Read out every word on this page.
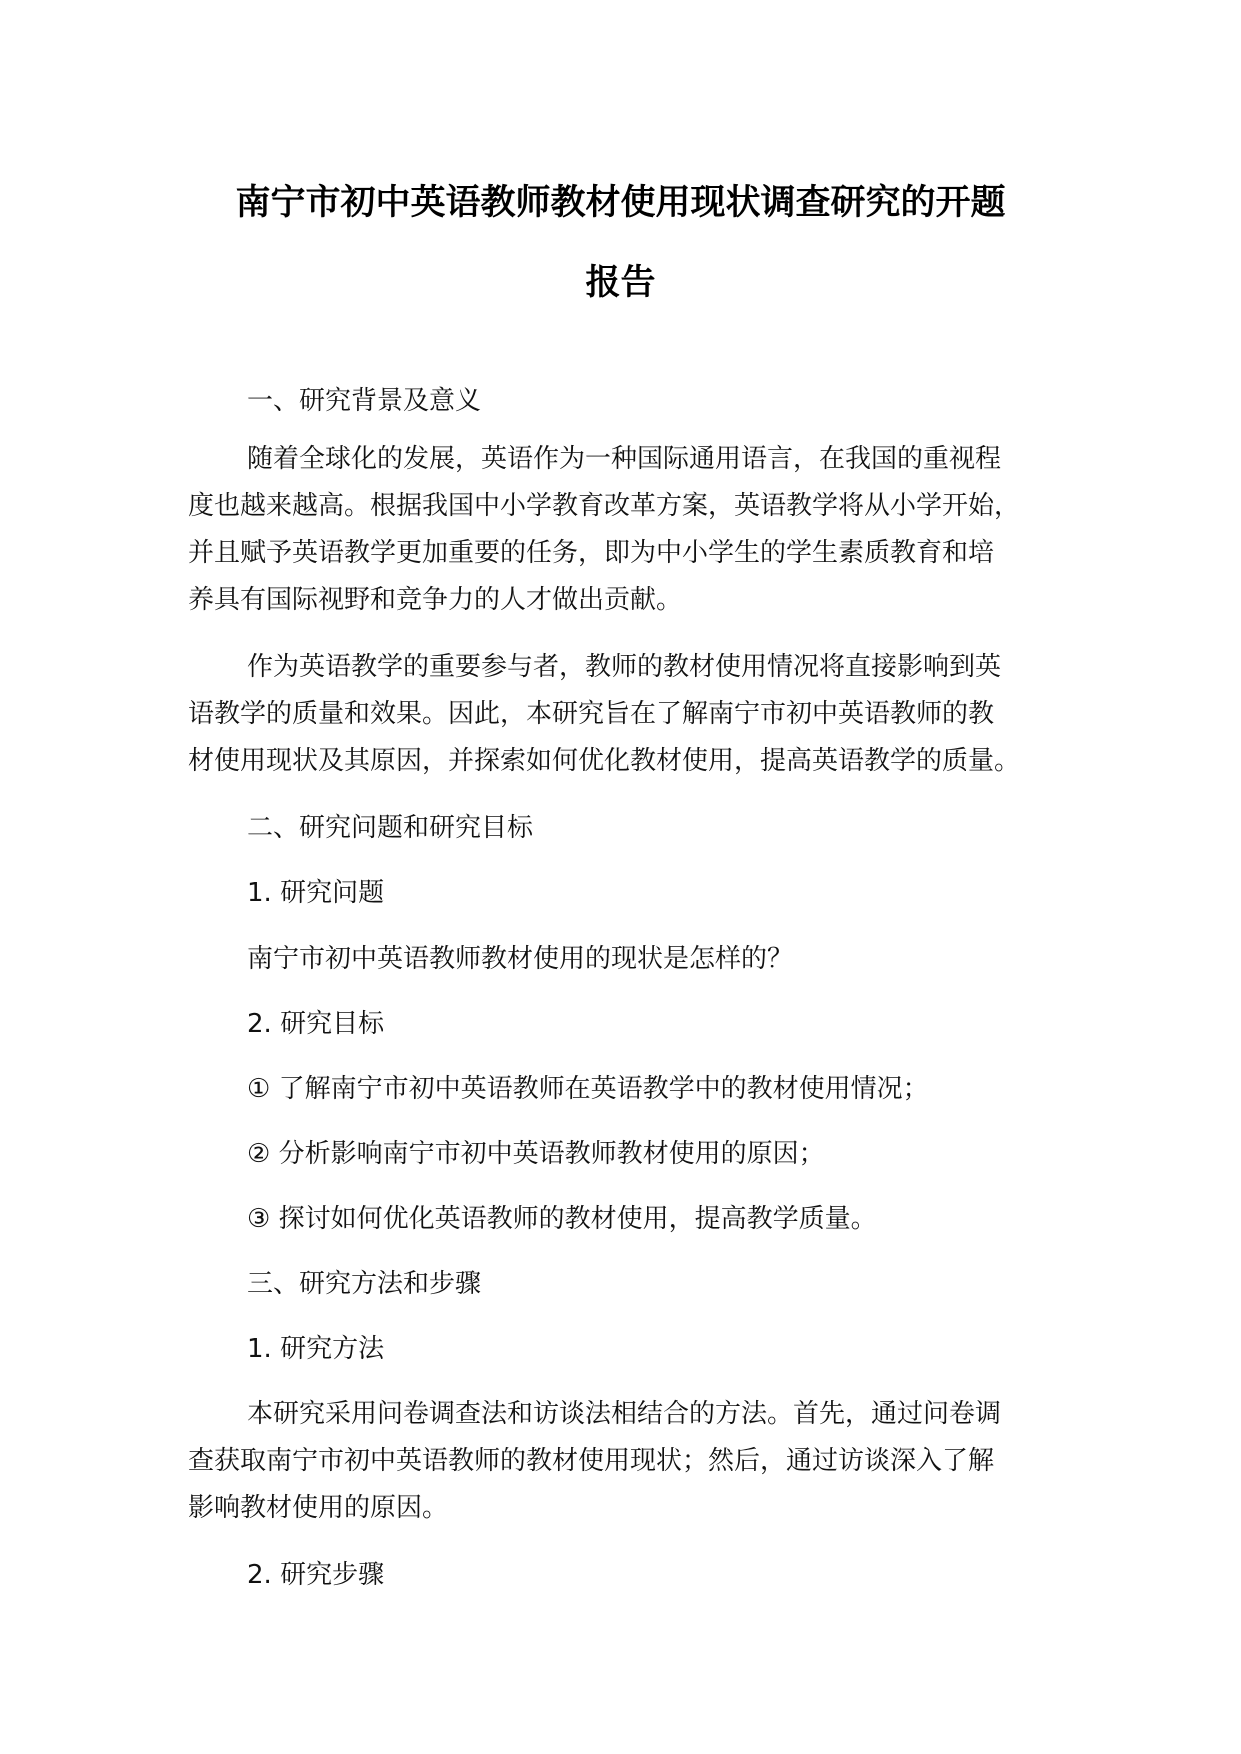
南宁市初中英语教师教材使用现状调查研究的开题
报告

一、研究背景及意义

随着全球化的发展，英语作为一种国际通用语言，在我国的重视程

度也越来越高。根据我国中小学教育改革方案，英语教学将从小学开始，

并且赋予英语教学更加重要的任务，即为中小学生的学生素质教育和培

养具有国际视野和竞争力的人才做出贡献。

作为英语教学的重要参与者，教师的教材使用情况将直接影响到英

语教学的质量和效果。因此，本研究旨在了解南宁市初中英语教师的教

材使用现状及其原因，并探索如何优化教材使用，提高英语教学的质量。

二、研究问题和研究目标

1. 研究问题

南宁市初中英语教师教材使用的现状是怎样的？

2. 研究目标

① 了解南宁市初中英语教师在英语教学中的教材使用情况；

② 分析影响南宁市初中英语教师教材使用的原因；

③ 探讨如何优化英语教师的教材使用，提高教学质量。

三、研究方法和步骤

1. 研究方法

本研究采用问卷调查法和访谈法相结合的方法。首先，通过问卷调

查获取南宁市初中英语教师的教材使用现状；然后，通过访谈深入了解

影响教材使用的原因。

2. 研究步骤
